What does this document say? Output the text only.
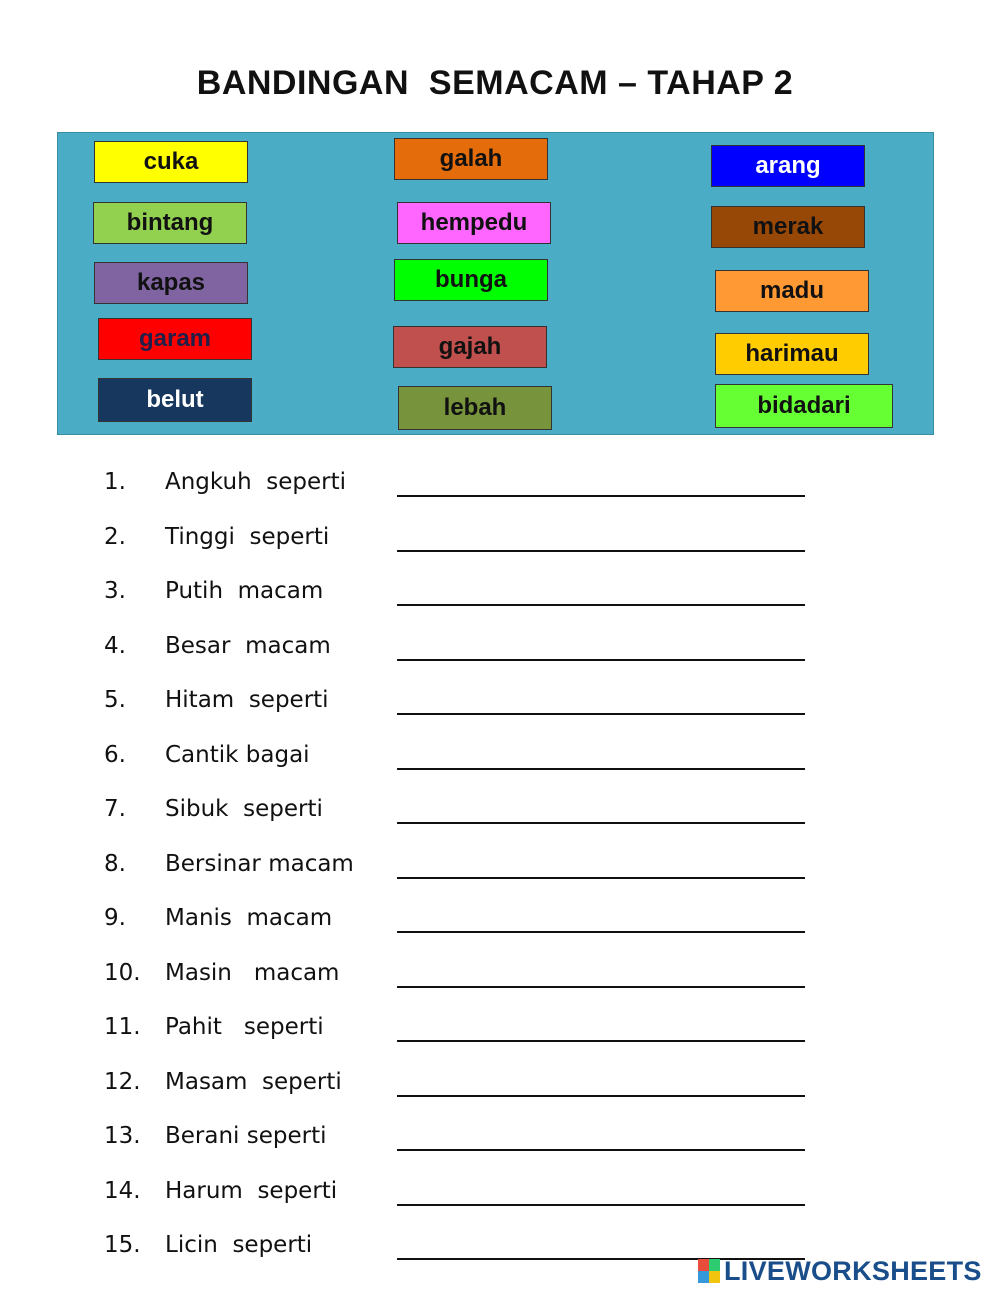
BANDINGAN  SEMACAM – TAHAP 2
cuka
bintang
kapas
garam
belut
galah
hempedu
bunga
gajah
lebah
arang
merak
madu
harimau
bidadari
1. Angkuh  seperti
2. Tinggi  seperti
3. Putih  macam
4. Besar  macam
5. Hitam  seperti
6. Cantik bagai
7. Sibuk  seperti
8. Bersinar macam
9. Manis  macam
10. Masin   macam
11. Pahit   seperti
12. Masam  seperti
13. Berani seperti
14. Harum  seperti
15. Licin  seperti
LIVEWORKSHEETS
